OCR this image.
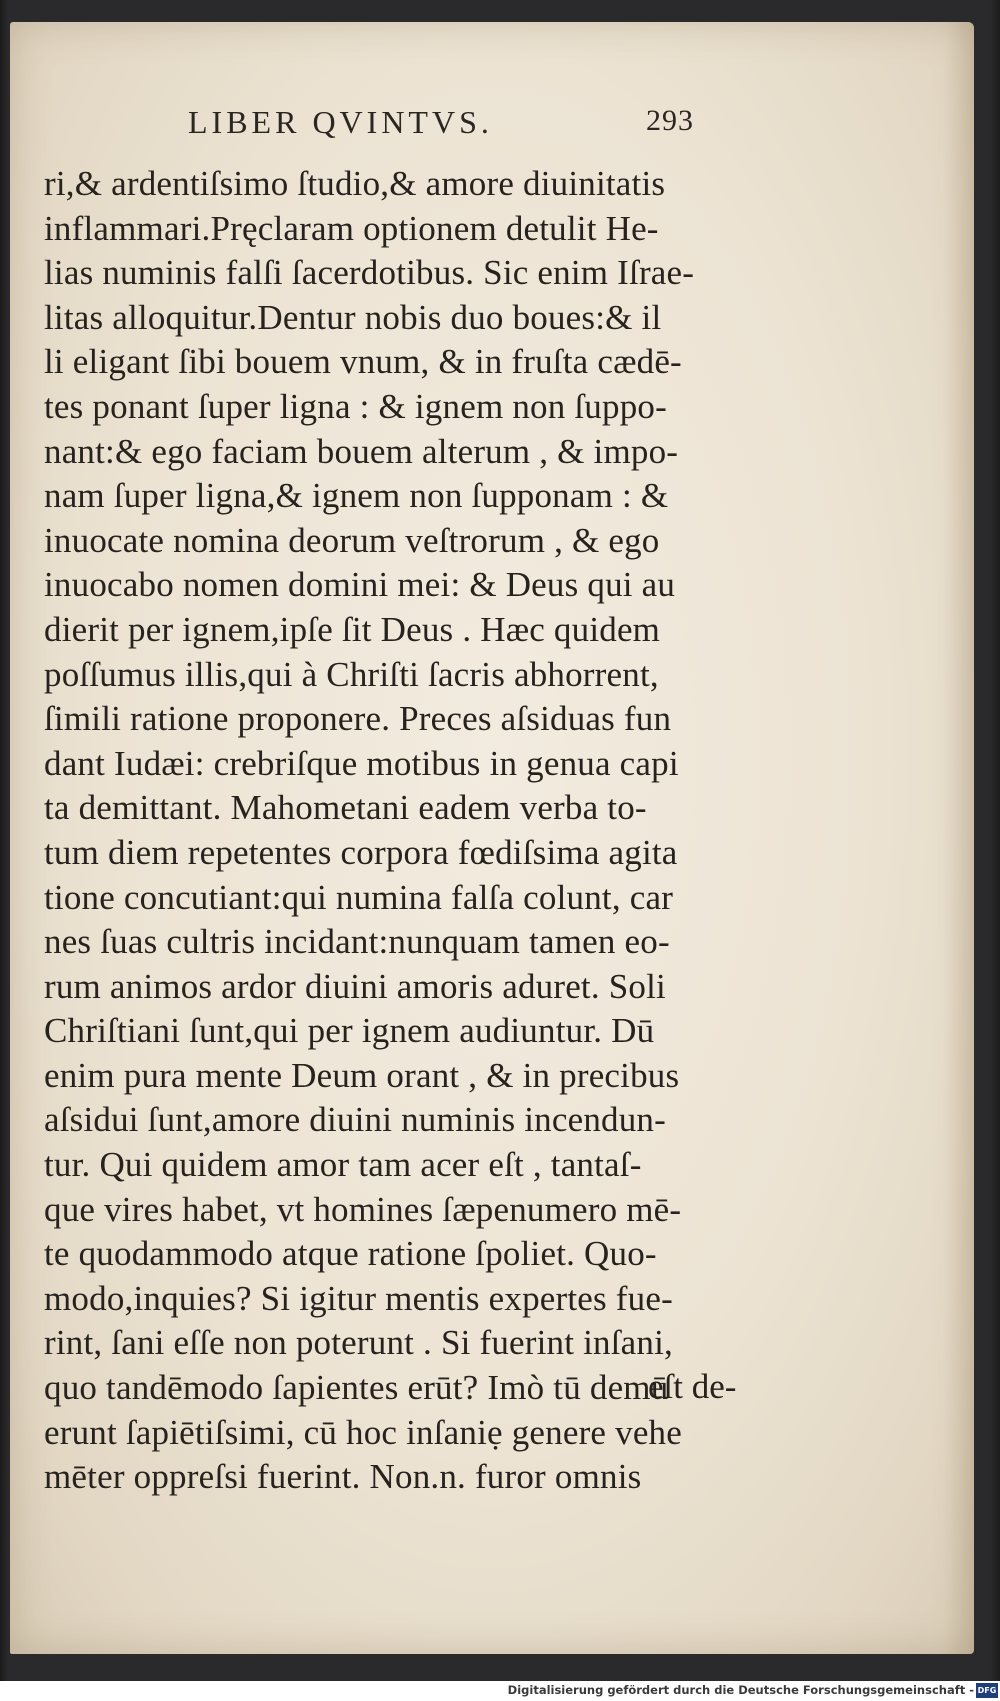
LIBER QVINTVS.	293
ri,& ardentiſsimo ſtudio,& amore diuinitatis
inflammari.Pręclaram optionem detulit He-
lias numinis falſi ſacerdotibus. Sic enim Iſrae-
litas alloquitur.Dentur nobis duo boues:& il
li eligant ſibi bouem vnum, & in fruſta cædē-
tes ponant ſuper ligna : & ignem non ſuppo-
nant:& ego faciam bouem alterum , & impo-
nam ſuper ligna,& ignem non ſupponam : &
inuocate nomina deorum veſtrorum , & ego
inuocabo nomen domini mei: & Deus qui au
dierit per ignem,ipſe ſit Deus . Hæc quidem
poſſumus illis,qui à Chriſti ſacris abhorrent,
ſimili ratione proponere. Preces aſsiduas fun
dant Iudæi: crebriſque motibus in genua capi
ta demittant. Mahometani eadem verba to-
tum diem repetentes corpora fœdiſsima agita
tione concutiant:qui numina falſa colunt, car
nes ſuas cultris incidant:nunquam tamen eo-
rum animos ardor diuini amoris aduret. Soli
Chriſtiani ſunt,qui per ignem audiuntur. Dū
enim pura mente Deum orant , & in precibus
aſsidui ſunt,amore diuini numinis incendun-
tur. Qui quidem amor tam acer eſt , tantaſ-
que vires habet, vt homines ſæpenumero mē-
te quodammodo atque ratione ſpoliet. Quo-
modo,inquies? Si igitur mentis expertes fue-
rint, ſani eſſe non poterunt . Si fuerint inſani,
quo tandēmodo ſapientes erūt? Imò tū demū
erunt ſapiētiſsimi, cū hoc inſaniẹ genere vehe
mēter oppreſsi fuerint. Non.n. furor omnis
eſt de-
Digitalisierung gefördert durch die Deutsche Forschungsgemeinschaft - DFG
